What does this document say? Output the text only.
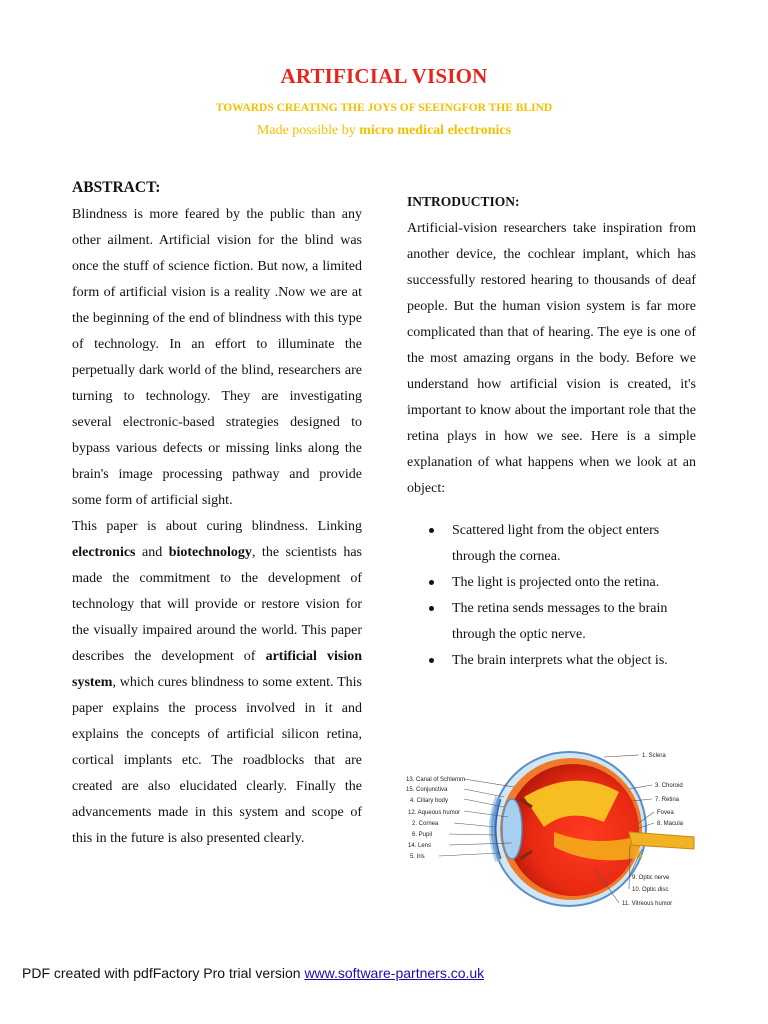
ARTIFICIAL VISION
TOWARDS CREATING THE JOYS OF SEEINGFOR THE BLIND
Made possible by micro medical electronics
ABSTRACT:

Blindness is more feared by the public than any other ailment. Artificial vision for the blind was once the stuff of science fiction. But now, a limited form of artificial vision is a reality .Now we are at the beginning of the end of blindness with this type of technology. In an effort to illuminate the perpetually dark world of the blind, researchers are turning to technology. They are investigating several electronic-based strategies designed to bypass various defects or missing links along the brain's image processing pathway and provide some form of artificial sight.

This paper is about curing blindness. Linking electronics and biotechnology, the scientists has made the commitment to the development of technology that will provide or restore vision for the visually impaired around the world. This paper describes the development of artificial vision system, which cures blindness to some extent. This paper explains the process involved in it and explains the concepts of artificial silicon retina, cortical implants etc. The roadblocks that are created are also elucidated clearly. Finally the advancements made in this system and scope of this in the future is also presented clearly.

INTRODUCTION:

Artificial-vision researchers take inspiration from another device, the cochlear implant, which has successfully restored hearing to thousands of deaf people. But the human vision system is far more complicated than that of hearing. The eye is one of the most amazing organs in the body. Before we understand how artificial vision is created, it's important to know about the important role that the retina plays in how we see. Here is a simple explanation of what happens when we look at an object:

Scattered light from the object enters through the cornea.
The light is projected onto the retina.
The retina sends messages to the brain through the optic nerve.
The brain interprets what the object is.
13. Canal of Schlemm
15. Conjunctiva
4. Ciliary body
12. Aqueous humor
2. Cornea
6. Pupil
14. Lens
5. Iris
1. Sclera
3. Choroid
7. Retina
Fovea
8. Macula
9. Optic nerve
10. Optic disc
11. Vitreous humor
PDF created with pdfFactory Pro trial version www.software-partners.co.uk
